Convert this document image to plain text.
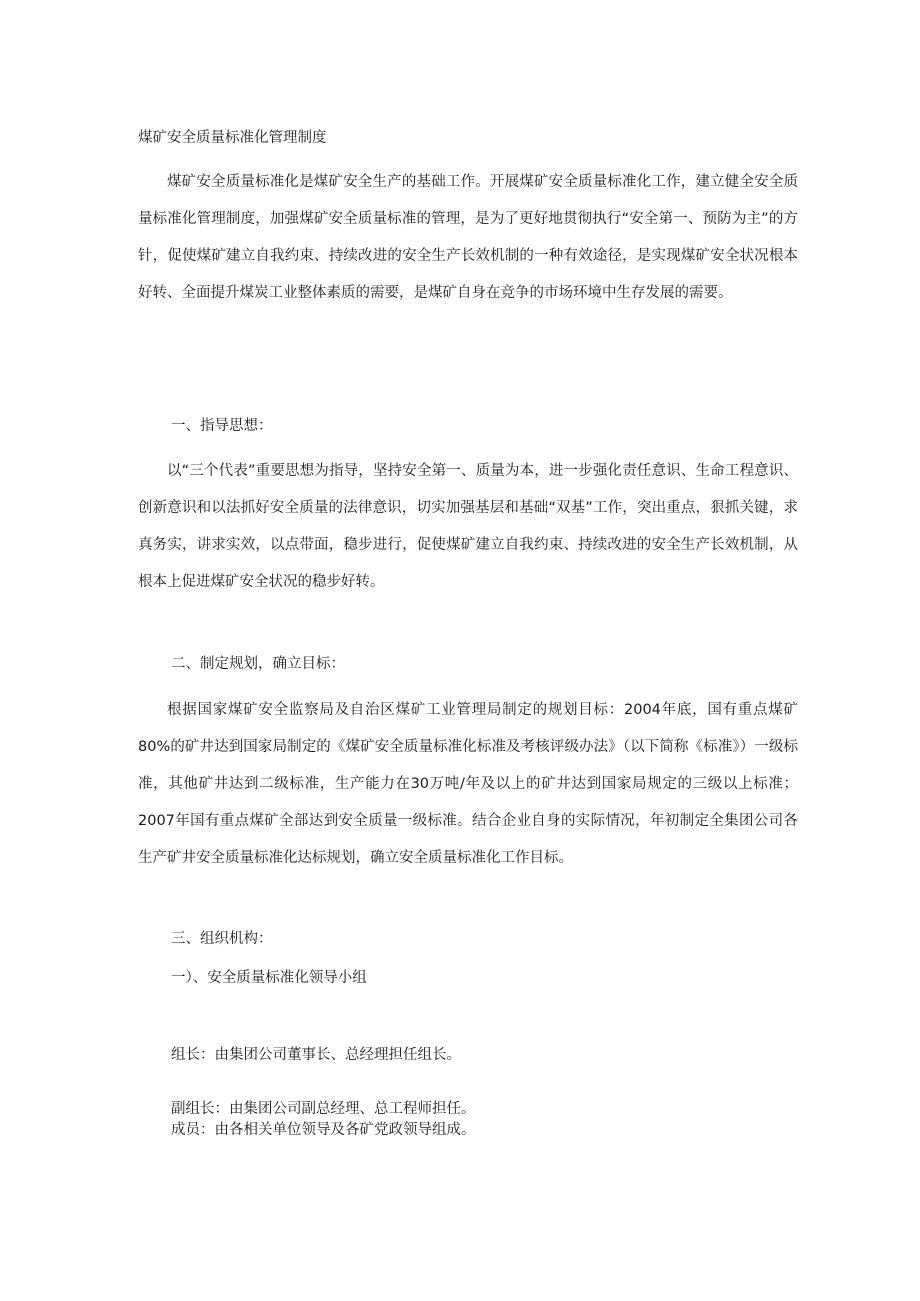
煤矿安全质量标准化管理制度
煤矿安全质量标准化是煤矿安全生产的基础工作。开展煤矿安全质量标准化工作，建立健全安全质量标准化管理制度，加强煤矿安全质量标准的管理，是为了更好地贯彻执行“安全第一、预防为主”的方针，促使煤矿建立自我约束、持续改进的安全生产长效机制的一种有效途径，是实现煤矿安全状况根本好转、全面提升煤炭工业整体素质的需要，是煤矿自身在竞争的市场环境中生存发展的需要。
一、指导思想：
以“三个代表”重要思想为指导，坚持安全第一、质量为本，进一步强化责任意识、生命工程意识、创新意识和以法抓好安全质量的法律意识，切实加强基层和基础“双基”工作，突出重点，狠抓关键，求真务实，讲求实效，以点带面，稳步进行，促使煤矿建立自我约束、持续改进的安全生产长效机制，从根本上促进煤矿安全状况的稳步好转。
二、制定规划，确立目标：
根据国家煤矿安全监察局及自治区煤矿工业管理局制定的规划目标：2004年底，国有重点煤矿80%的矿井达到国家局制定的《煤矿安全质量标准化标准及考核评级办法》（以下简称《标准》）一级标准，其他矿井达到二级标准，生产能力在30万吨/年及以上的矿井达到国家局规定的三级以上标准；2007年国有重点煤矿全部达到安全质量一级标准。结合企业自身的实际情况，年初制定全集团公司各生产矿井安全质量标准化达标规划，确立安全质量标准化工作目标。
三、组织机构：
一）、安全质量标准化领导小组
组长：由集团公司董事长、总经理担任组长。
副组长：由集团公司副总经理、总工程师担任。
成员：由各相关单位领导及各矿党政领导组成。
